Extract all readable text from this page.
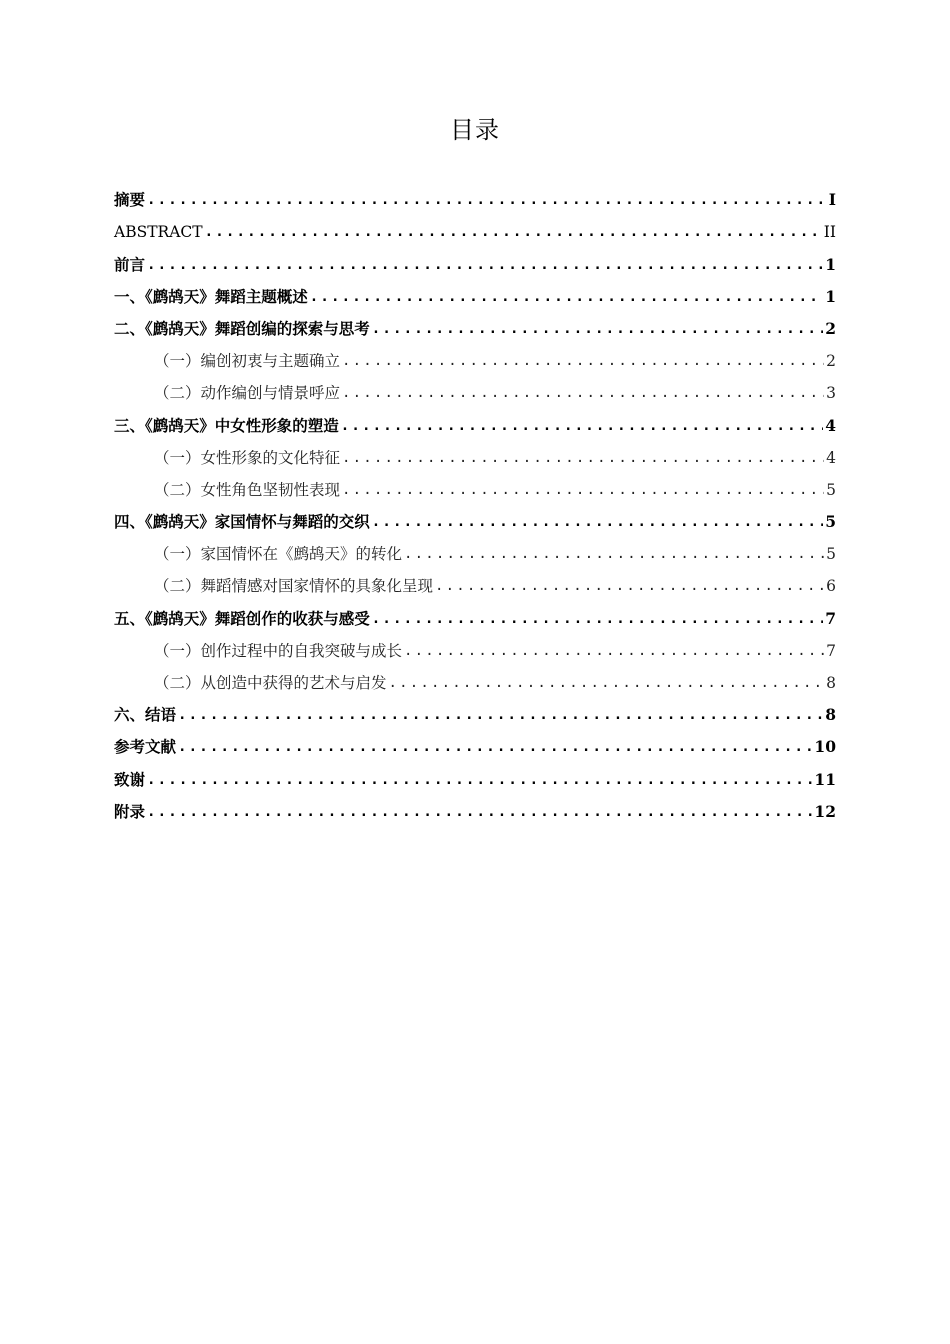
目录
摘要 .....	I
ABSTRACT .....	II
前言 .....	1
一、《鹧鸪天》舞蹈主题概述 .....	1
二、《鹧鸪天》舞蹈创编的探索与思考 .....	2
（一）编创初衷与主题确立 .....	2
（二）动作编创与情景呼应 .....	3
三、《鹧鸪天》中女性形象的塑造 .....	4
（一）女性形象的文化特征 .....	4
（二）女性角色坚韧性表现 .....	5
四、《鹧鸪天》家国情怀与舞蹈的交织 .....	5
（一）家国情怀在《鹧鸪天》的转化 .....	5
（二）舞蹈情感对国家情怀的具象化呈现 .....	6
五、《鹧鸪天》舞蹈创作的收获与感受 .....	7
（一）创作过程中的自我突破与成长 .....	7
（二）从创造中获得的艺术与启发 .....	8
六、结语 .....	8
参考文献 .....	10
致谢 .....	11
附录 .....	12
